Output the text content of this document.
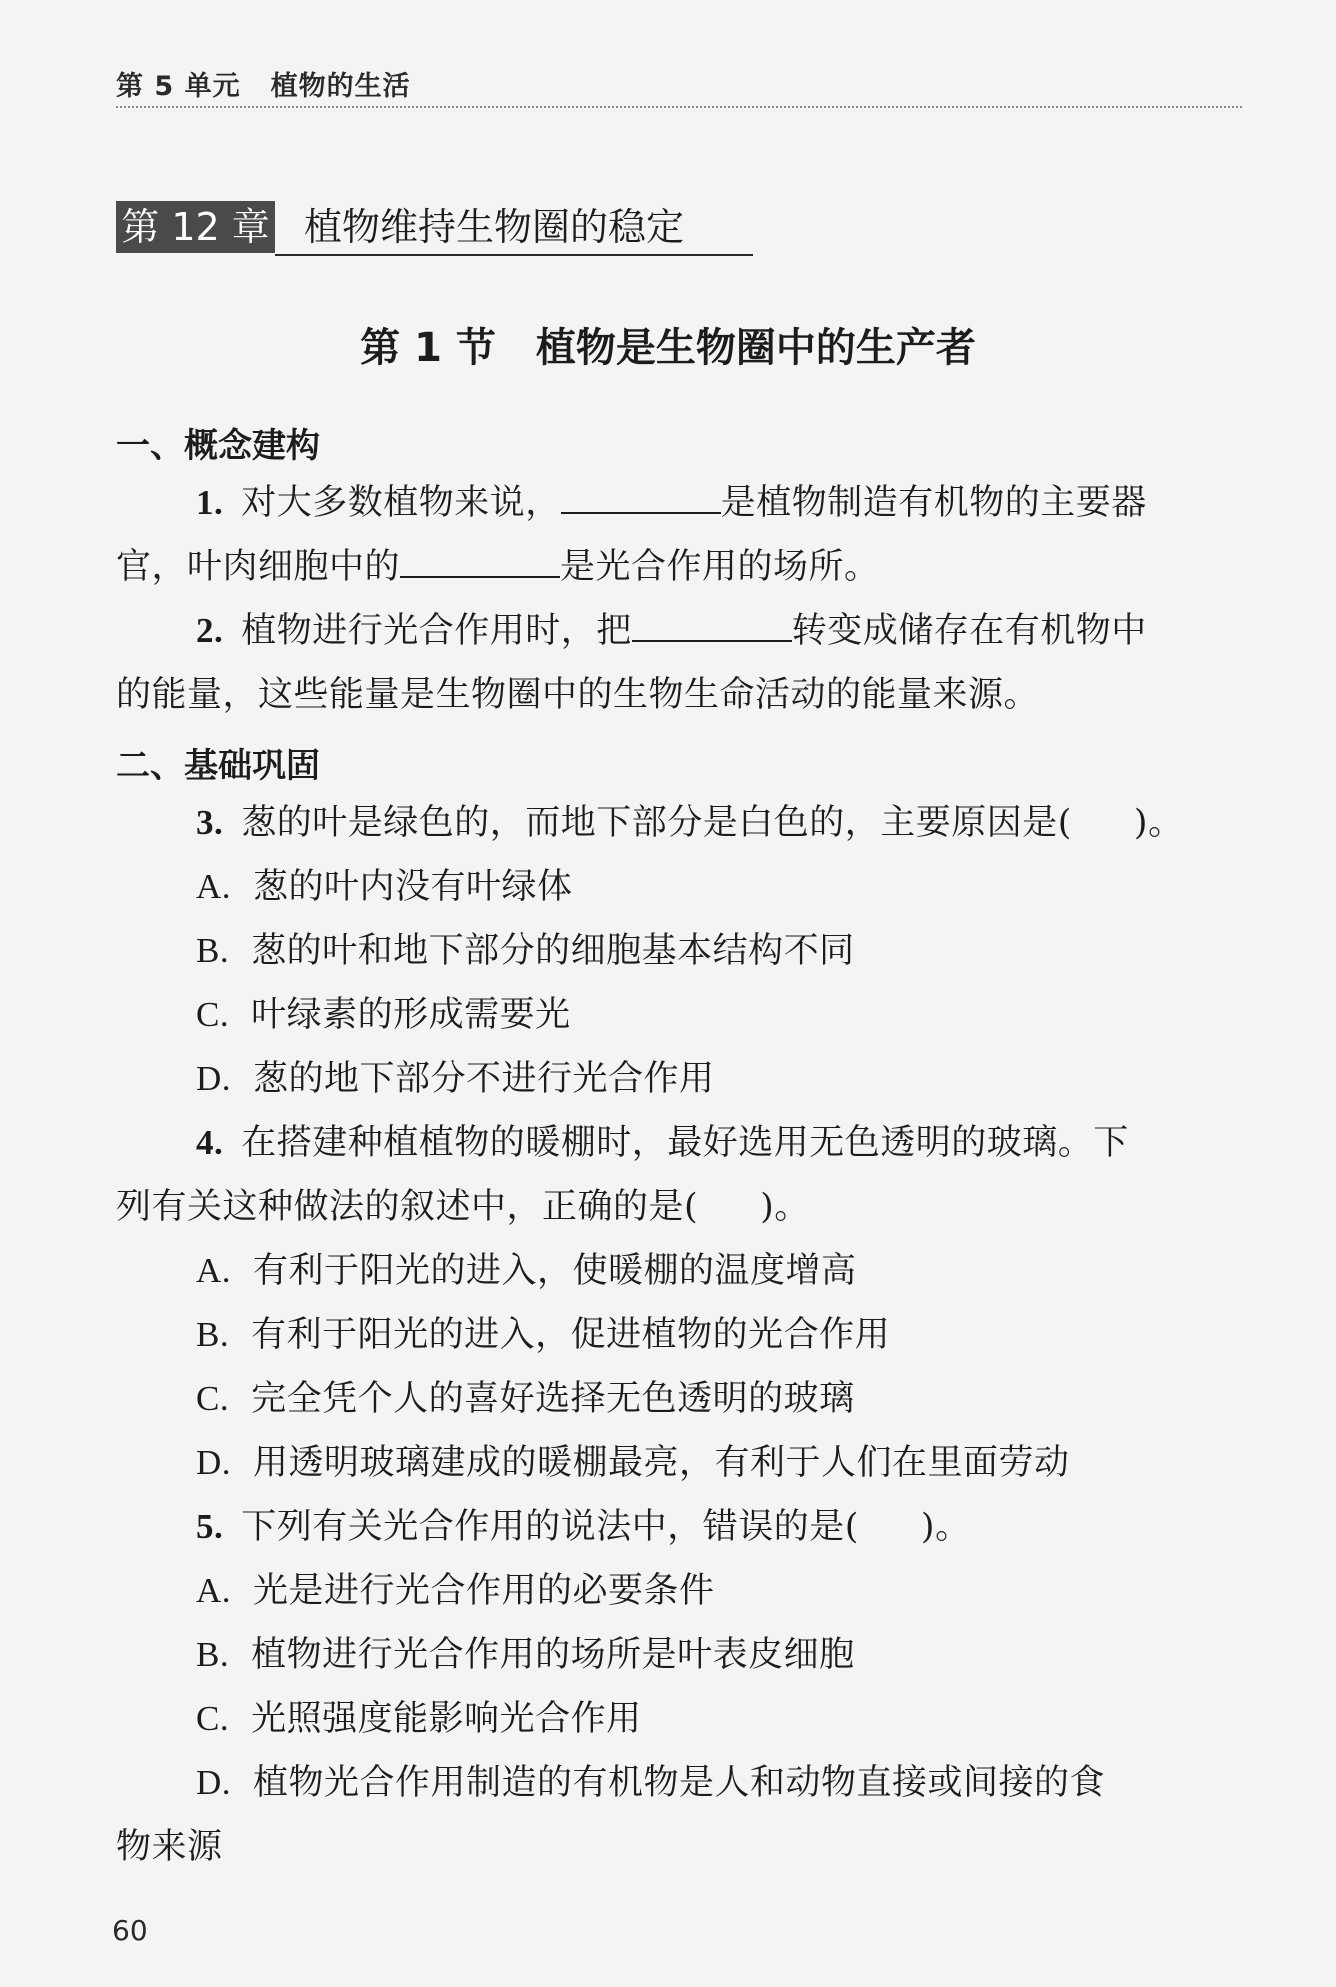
第 5 单元 植物的生活
第 12 章 植物维持生物圈的稳定
第 1 节 植物是生物圈中的生产者
一、概念建构
1. 对大多数植物来说，	是植物制造有机物的主要器
官，叶肉细胞中的	是光合作用的场所。
2. 植物进行光合作用时，把	转变成储存在有机物中
的能量，这些能量是生物圈中的生物生命活动的能量来源。
二、基础巩固
3. 葱的叶是绿色的，而地下部分是白色的，主要原因是( )。
A. 葱的叶内没有叶绿体
B. 葱的叶和地下部分的细胞基本结构不同
C. 叶绿素的形成需要光
D. 葱的地下部分不进行光合作用
4. 在搭建种植植物的暖棚时，最好选用无色透明的玻璃。下
列有关这种做法的叙述中，正确的是( )。
A. 有利于阳光的进入，使暖棚的温度增高
B. 有利于阳光的进入，促进植物的光合作用
C. 完全凭个人的喜好选择无色透明的玻璃
D. 用透明玻璃建成的暖棚最亮，有利于人们在里面劳动
5. 下列有关光合作用的说法中，错误的是( )。
A. 光是进行光合作用的必要条件
B. 植物进行光合作用的场所是叶表皮细胞
C. 光照强度能影响光合作用
D. 植物光合作用制造的有机物是人和动物直接或间接的食
物来源
60
